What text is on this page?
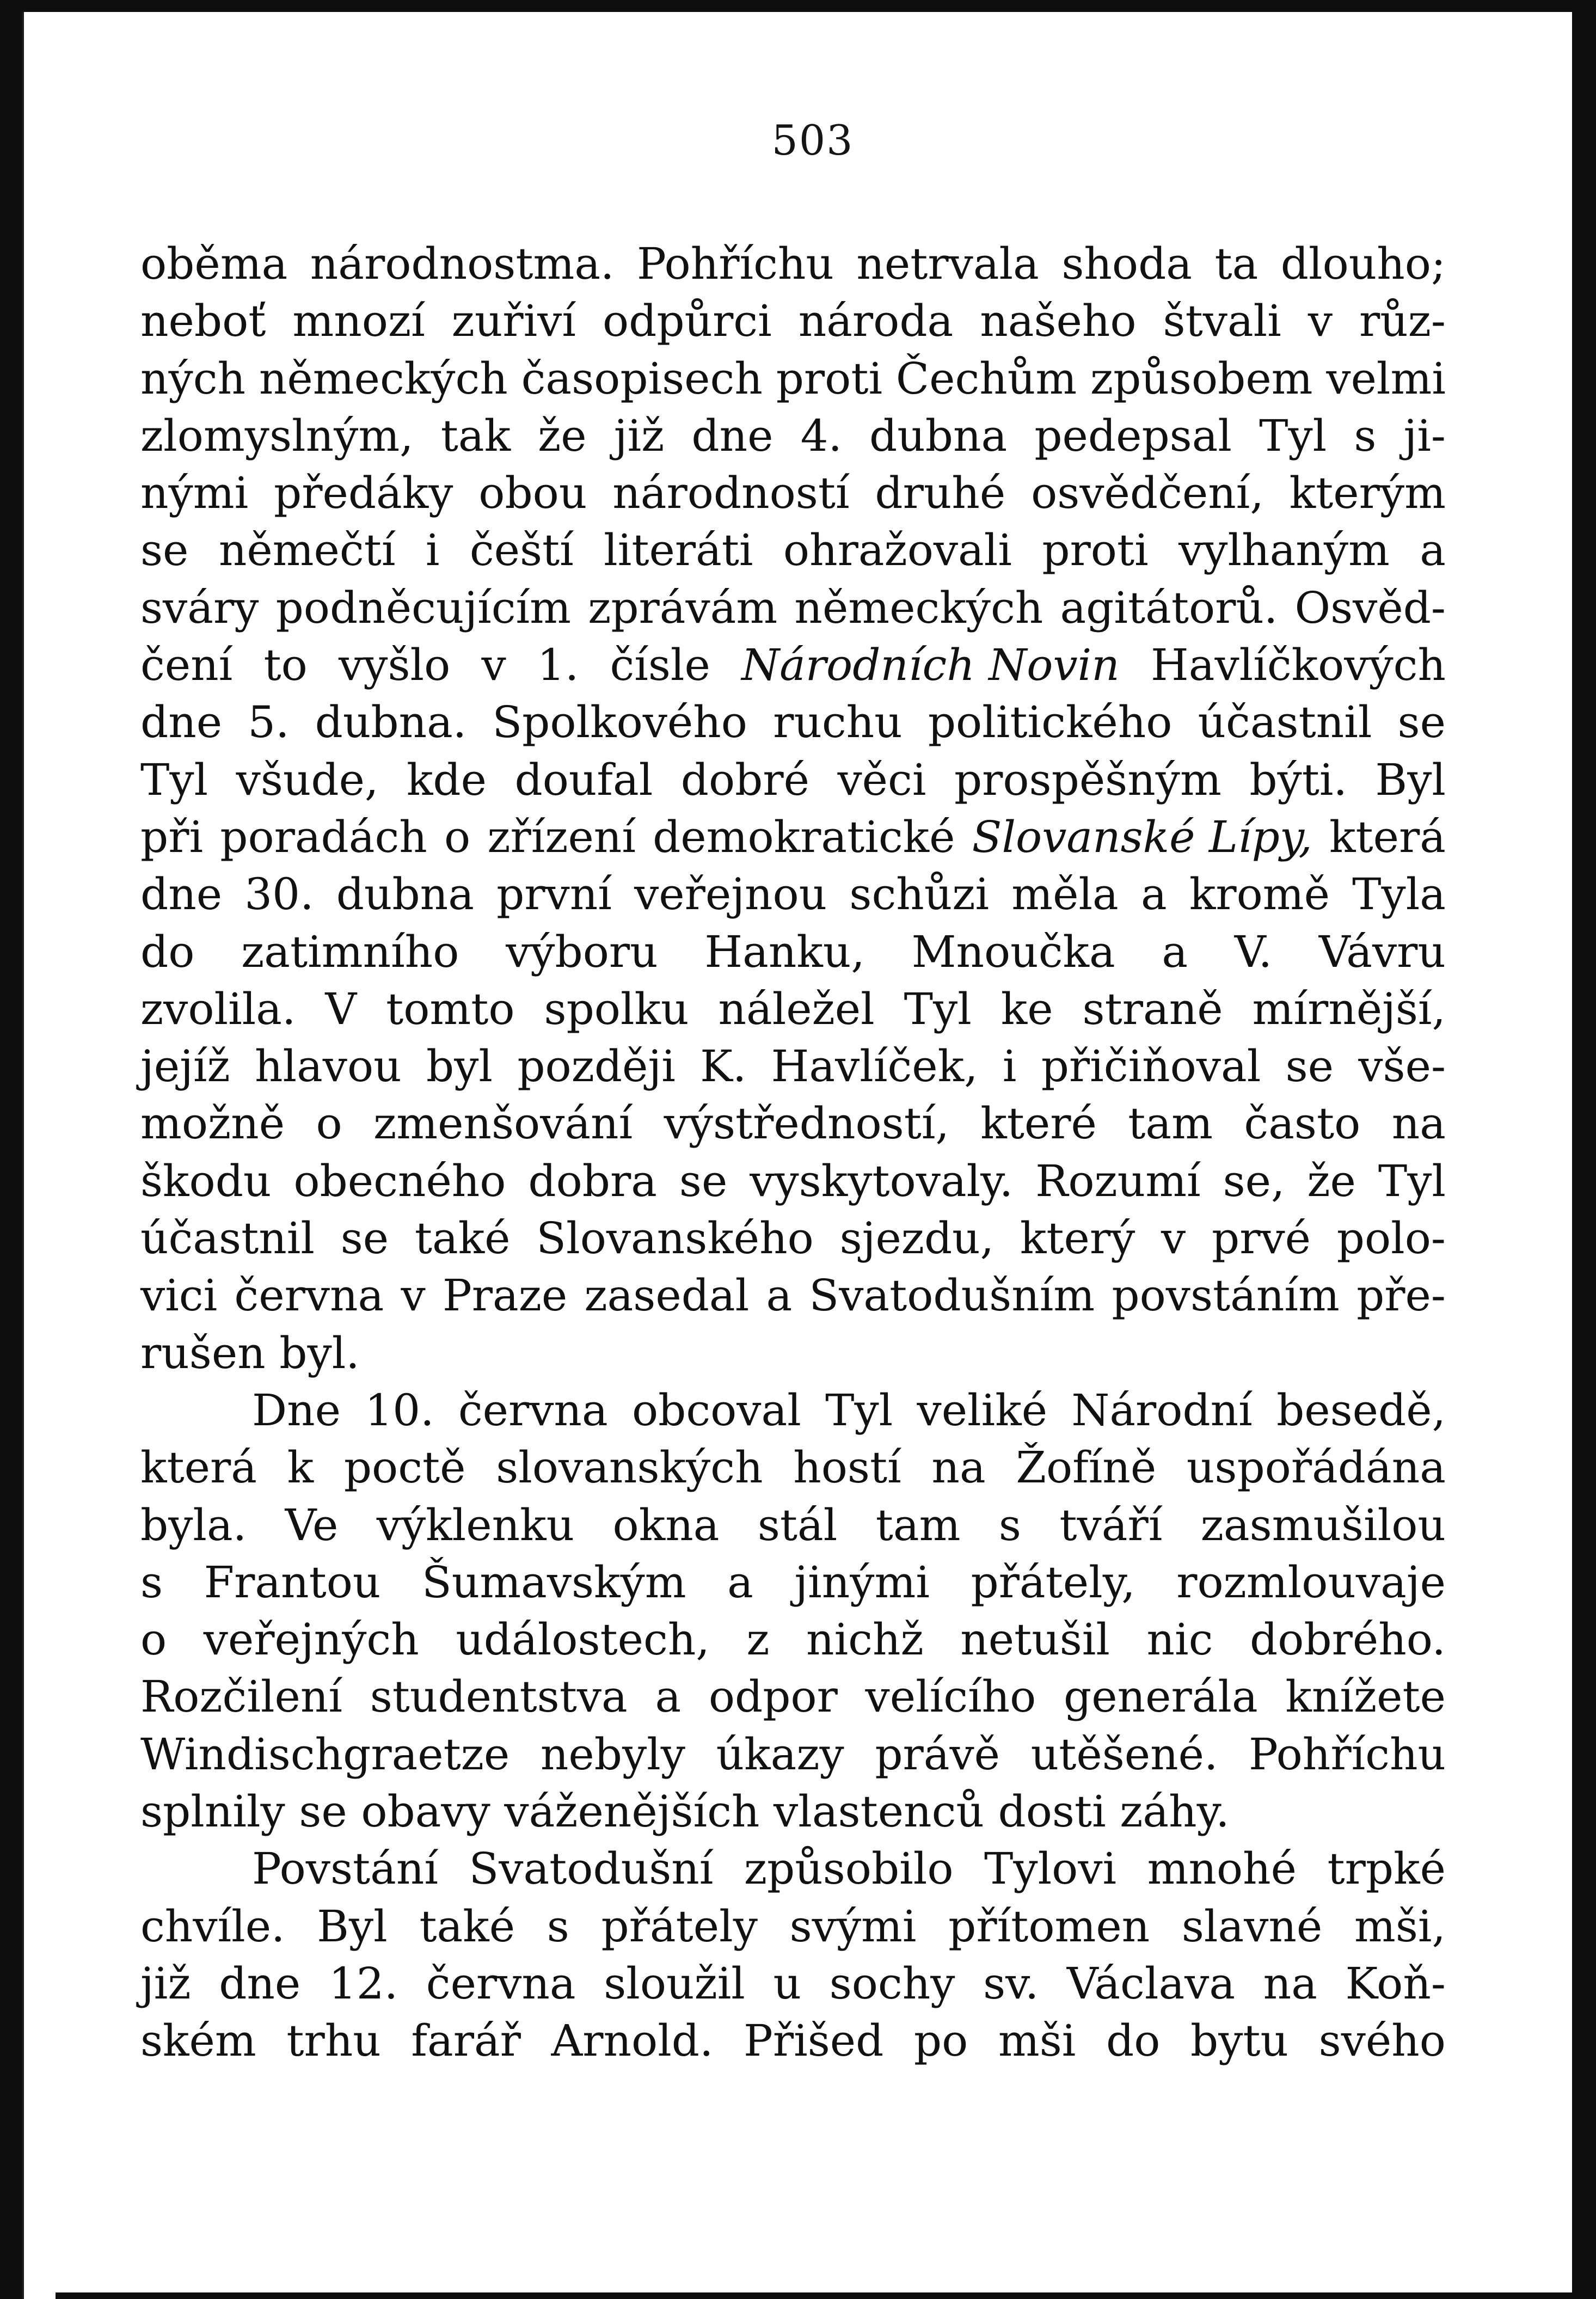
503
oběma národnostma. Pohříchu netrvala shoda ta dlouho;
neboť mnozí zuřiví odpůrci národa našeho štvali v růz-
ných německých časopisech proti Čechům způsobem velmi
zlomyslným, tak že již dne 4. dubna pedepsal Tyl s ji-
nými předáky obou národností druhé osvědčení, kterým
se němečtí i čeští literáti ohražovali proti vylhaným a
sváry podněcujícím zprávám německých agitátorů. Osvěd-
čení to vyšlo v 1. čísle Národních Novin Havlíčkových
dne 5. dubna. Spolkového ruchu politického účastnil se
Tyl všude, kde doufal dobré věci prospěšným býti. Byl
při poradách o zřízení demokratické Slovanské Lípy, která
dne 30. dubna první veřejnou schůzi měla a kromě Tyla
do zatimního výboru Hanku, Mnoučka a V. Vávru
zvolila. V tomto spolku náležel Tyl ke straně mírnější,
jejíž hlavou byl později K. Havlíček, i přičiňoval se vše-
možně o zmenšování výstředností, které tam často na
škodu obecného dobra se vyskytovaly. Rozumí se, že Tyl
účastnil se také Slovanského sjezdu, který v prvé polo-
vici června v Praze zasedal a Svatodušním povstáním pře-
rušen byl.
Dne 10. června obcoval Tyl veliké Národní besedě,
která k poctě slovanských hostí na Žofíně uspořádána
byla. Ve výklenku okna stál tam s tváří zasmušilou
s Frantou Šumavským a jinými přátely, rozmlouvaje
o veřejných událostech, z nichž netušil nic dobrého.
Rozčilení studentstva a odpor velícího generála knížete
Windischgraetze nebyly úkazy právě utěšené. Pohříchu
splnily se obavy váženějších vlastenců dosti záhy.
Povstání Svatodušní způsobilo Tylovi mnohé trpké
chvíle. Byl také s přátely svými přítomen slavné mši,
již dne 12. června sloužil u sochy sv. Václava na Koň-
ském trhu farář Arnold. Přišed po mši do bytu svého
